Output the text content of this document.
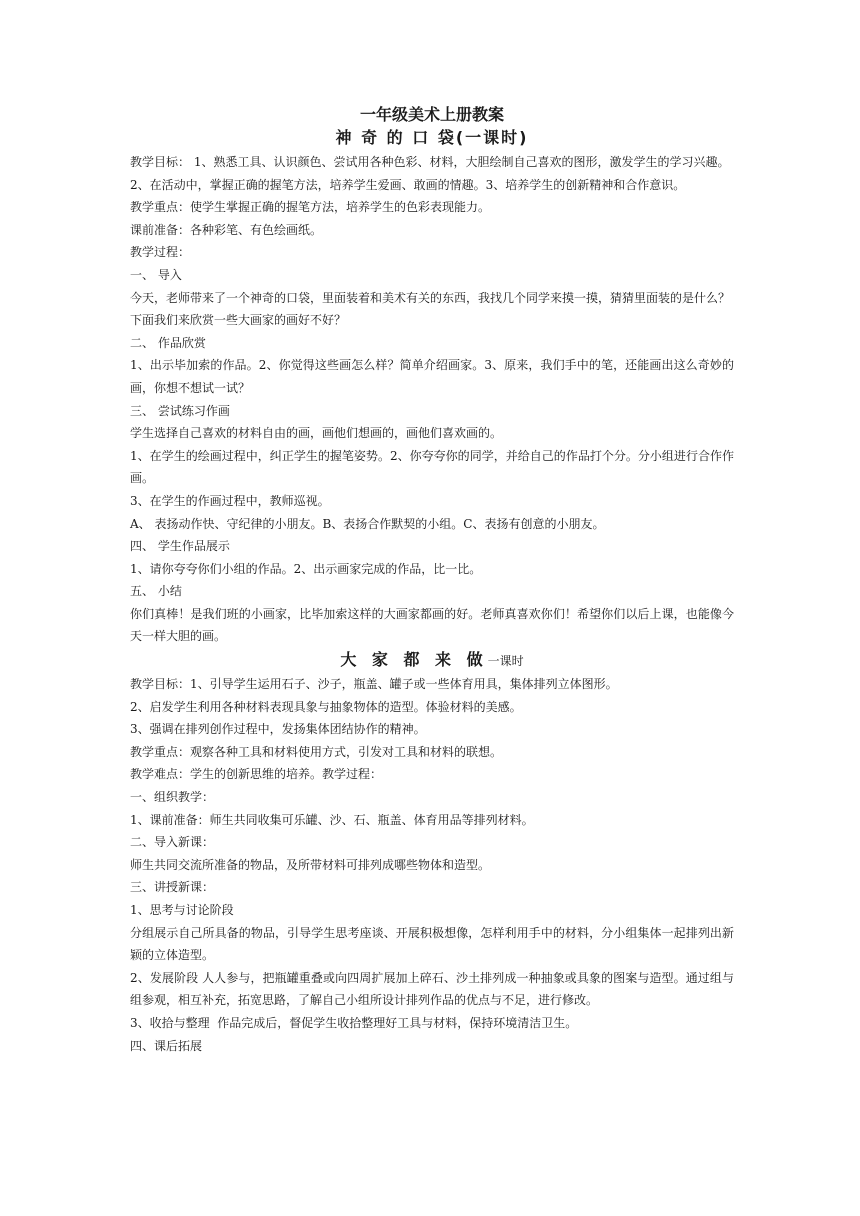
一年级美术上册教案
神 奇 的 口 袋(一课时)

教学目标： 1、熟悉工具、认识颜色、尝试用各种色彩、材料，大胆绘制自己喜欢的图形，激发学生的学习兴趣。

2、在活动中，掌握正确的握笔方法，培养学生爱画、敢画的情趣。3、培养学生的创新精神和合作意识。

教学重点：使学生掌握正确的握笔方法，培养学生的色彩表现能力。

课前准备：各种彩笔、有色绘画纸。

教学过程：

一、 导入

今天，老师带来了一个神奇的口袋，里面装着和美术有关的东西，我找几个同学来摸一摸，猜猜里面装的是什么？

下面我们来欣赏一些大画家的画好不好？

二、 作品欣赏

1、出示毕加索的作品。2、你觉得这些画怎么样？简单介绍画家。3、原来，我们手中的笔，还能画出这么奇妙的画，你想不想试一试？

三、 尝试练习作画

学生选择自己喜欢的材料自由的画，画他们想画的，画他们喜欢画的。

1、在学生的绘画过程中，纠正学生的握笔姿势。2、你夸夸你的同学，并给自己的作品打个分。分小组进行合作作画。

3、在学生的作画过程中，教师巡视。

A、 表扬动作快、守纪律的小朋友。B、表扬合作默契的小组。C、表扬有创意的小朋友。

四、 学生作品展示

1、请你夸夸你们小组的作品。2、出示画家完成的作品，比一比。

五、 小结

你们真棒！是我们班的小画家，比毕加索这样的大画家都画的好。老师真喜欢你们！希望你们以后上课，也能像今天一样大胆的画。

大 家 都 来 做一课时

教学目标：1、引导学生运用石子、沙子，瓶盖、罐子或一些体育用具，集体排列立体图形。

2、启发学生利用各种材料表现具象与抽象物体的造型。体验材料的美感。

3、强调在排列创作过程中，发扬集体团结协作的精神。

教学重点：观察各种工具和材料使用方式，引发对工具和材料的联想。

教学难点：学生的创新思维的培养。教学过程：

一、组织教学：

1、课前准备：师生共同收集可乐罐、沙、石、瓶盖、体育用品等排列材料。

二、导入新课：

师生共同交流所准备的物品，及所带材料可排列成哪些物体和造型。

三、讲授新课：

1、思考与讨论阶段

分组展示自己所具备的物品，引导学生思考座谈、开展积极想像，怎样利用手中的材料，分小组集体一起排列出新颖的立体造型。

2、发展阶段 人人参与，把瓶罐重叠或向四周扩展加上碎石、沙土排列成一种抽象或具象的图案与造型。通过组与组参观，相互补充，拓宽思路，了解自己小组所设计排列作品的优点与不足，进行修改。

3、收拾与整理  作品完成后，督促学生收拾整理好工具与材料，保持环境清洁卫生。

四、课后拓展
